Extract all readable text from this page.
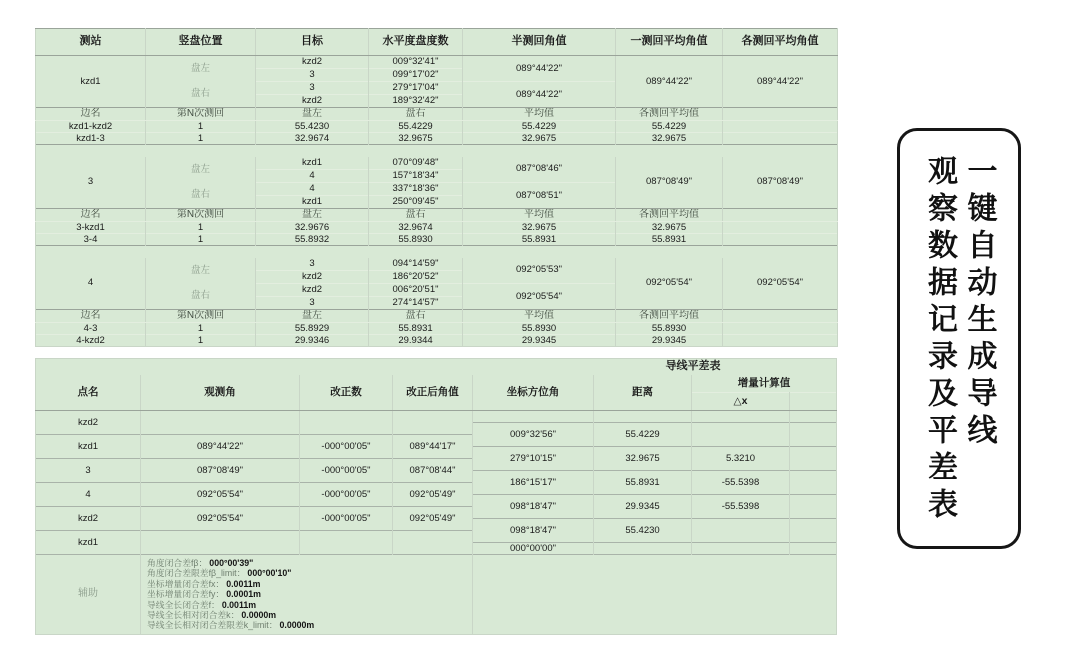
测站	竖盘位置	目标	水平度盘度数	半测回角值	一测回平均角值	各测回平均角值
kzd1	盘左	kzd2	009°32'41"	089°44'22"	089°44'22"	089°44'22"
		3	099°17'02"			
	盘右	3	279°17'04"	089°44'22"		
		kzd2	189°32'42"			
边名	第N次测回	盘左	盘右	平均值	各测回平均值	
kzd1-kzd2	1	55.4230	55.4229	55.4229	55.4229	
kzd1-3	1	32.9674	32.9675	32.9675	32.9675	

3	盘左	kzd1	070°09'48"	087°08'46"	087°08'49"	087°08'49"
		4	157°18'34"			
	盘右	4	337°18'36"	087°08'51"		
		kzd1	250°09'45"			
边名	第N次测回	盘左	盘右	平均值	各测回平均值	
3-kzd1	1	32.9676	32.9674	32.9675	32.9675	
3-4	1	55.8932	55.8930	55.8931	55.8931	

4	盘左	3	094°14'59"	092°05'53"	092°05'54"	092°05'54"
		kzd2	186°20'52"			
	盘右	kzd2	006°20'51"	092°05'54"		
		3	274°14'57"			
边名	第N次测回	盘左	盘右	平均值	各测回平均值	
4-3	1	55.8929	55.8931	55.8930	55.8930	
4-kzd2	1	29.9346	29.9344	29.9345	29.9345	
导线平差表							

点名	观测角	改正数	改正后角值	坐标方位角	距离	增量计算值	
						△x	
kzd2							
				009°32'56"	55.4229		
kzd1	089°44'22"	-000°00'05"	089°44'17"				
				279°10'15"	32.9675	5.3210	
3	087°08'49"	-000°00'05"	087°08'44"				
				186°15'17"	55.8931	-55.5398	
4	092°05'54"	-000°00'05"	092°05'49"				
				098°18'47"	29.9345	-55.5398	
kzd2	092°05'54"	-000°00'05"	092°05'49"				
				098°18'47"	55.4230		
kzd1							
				000°00'00"			
辅助	
角度闭合差fβ： 000°00'39"
角度闭合差限差fβ_limit： 000°00'10"
坐标增量闭合差fx： 0.0011m
坐标增量闭合差fy： 0.0001m
导线全长闭合差f： 0.0011m
导线全长相对闭合差k： 0.0000m
导线全长相对闭合差限差k_limit： 0.0000m

观察数据记录及平差表 一键自动生成导线
